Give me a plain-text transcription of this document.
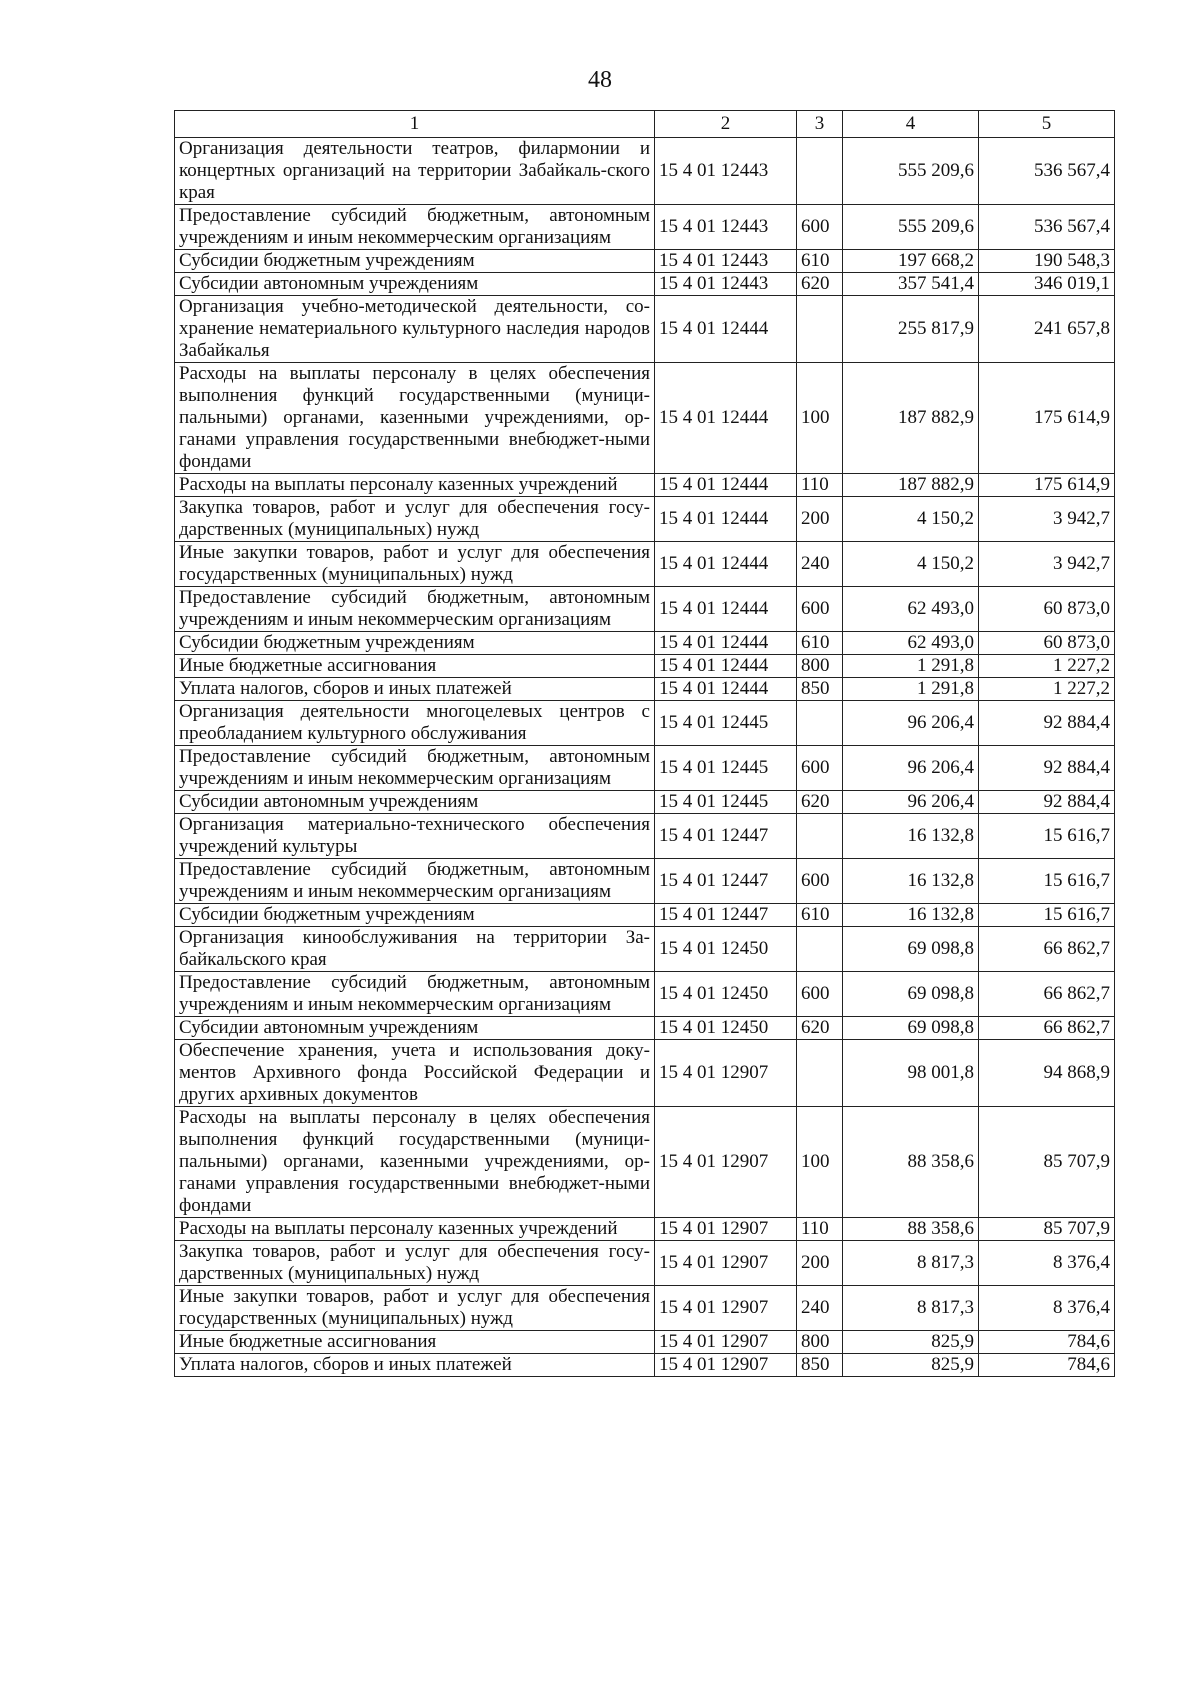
48
1	2	3	4	5
Организация деятельности театров, филармонии и концертных организаций на территории Забайкаль-ского края	15 4 01 12443		555 209,6	536 567,4
Предоставление субсидий бюджетным, автономным учреждениям и иным некоммерческим организациям	15 4 01 12443	600	555 209,6	536 567,4
Субсидии бюджетным учреждениям	15 4 01 12443	610	197 668,2	190 548,3
Субсидии автономным учреждениям	15 4 01 12443	620	357 541,4	346 019,1
Организация учебно-методической деятельности, со-хранение нематериального культурного наследия народов Забайкалья	15 4 01 12444		255 817,9	241 657,8
Расходы на выплаты персоналу в целях обеспечения выполнения функций государственными (муници-пальными) органами, казенными учреждениями, ор-ганами управления государственными внебюджет-ными фондами	15 4 01 12444	100	187 882,9	175 614,9
Расходы на выплаты персоналу казенных учреждений	15 4 01 12444	110	187 882,9	175 614,9
Закупка товаров, работ и услуг для обеспечения госу-дарственных (муниципальных) нужд	15 4 01 12444	200	4 150,2	3 942,7
Иные закупки товаров, работ и услуг для обеспечения государственных (муниципальных) нужд	15 4 01 12444	240	4 150,2	3 942,7
Предоставление субсидий бюджетным, автономным учреждениям и иным некоммерческим организациям	15 4 01 12444	600	62 493,0	60 873,0
Субсидии бюджетным учреждениям	15 4 01 12444	610	62 493,0	60 873,0
Иные бюджетные ассигнования	15 4 01 12444	800	1 291,8	1 227,2
Уплата налогов, сборов и иных платежей	15 4 01 12444	850	1 291,8	1 227,2
Организация деятельности многоцелевых центров с преобладанием культурного обслуживания	15 4 01 12445		96 206,4	92 884,4
Предоставление субсидий бюджетным, автономным учреждениям и иным некоммерческим организациям	15 4 01 12445	600	96 206,4	92 884,4
Субсидии автономным учреждениям	15 4 01 12445	620	96 206,4	92 884,4
Организация материально-технического обеспечения учреждений культуры	15 4 01 12447		16 132,8	15 616,7
Предоставление субсидий бюджетным, автономным учреждениям и иным некоммерческим организациям	15 4 01 12447	600	16 132,8	15 616,7
Субсидии бюджетным учреждениям	15 4 01 12447	610	16 132,8	15 616,7
Организация кинообслуживания на территории За-байкальского края	15 4 01 12450		69 098,8	66 862,7
Предоставление субсидий бюджетным, автономным учреждениям и иным некоммерческим организациям	15 4 01 12450	600	69 098,8	66 862,7
Субсидии автономным учреждениям	15 4 01 12450	620	69 098,8	66 862,7
Обеспечение хранения, учета и использования доку-ментов Архивного фонда Российской Федерации и других архивных документов	15 4 01 12907		98 001,8	94 868,9
Расходы на выплаты персоналу в целях обеспечения выполнения функций государственными (муници-пальными) органами, казенными учреждениями, ор-ганами управления государственными внебюджет-ными фондами	15 4 01 12907	100	88 358,6	85 707,9
Расходы на выплаты персоналу казенных учреждений	15 4 01 12907	110	88 358,6	85 707,9
Закупка товаров, работ и услуг для обеспечения госу-дарственных (муниципальных) нужд	15 4 01 12907	200	8 817,3	8 376,4
Иные закупки товаров, работ и услуг для обеспечения государственных (муниципальных) нужд	15 4 01 12907	240	8 817,3	8 376,4
Иные бюджетные ассигнования	15 4 01 12907	800	825,9	784,6
Уплата налогов, сборов и иных платежей	15 4 01 12907	850	825,9	784,6
